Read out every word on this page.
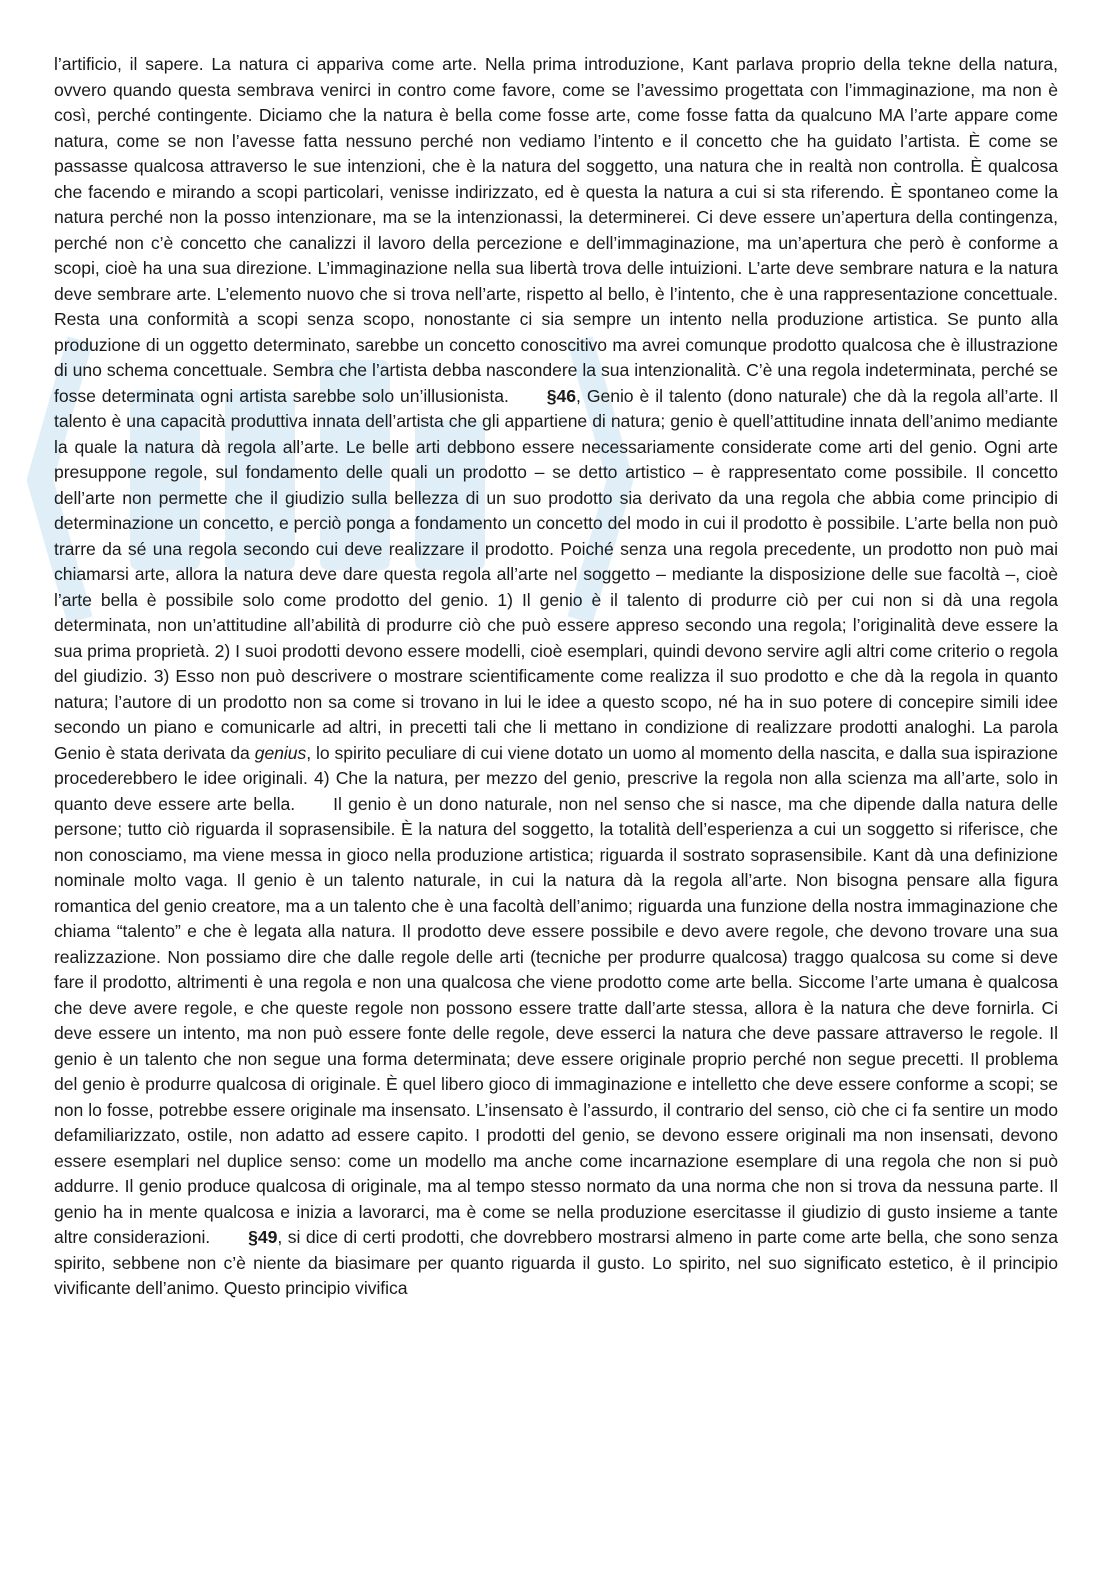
l’artificio, il sapere. La natura ci appariva come arte. Nella prima introduzione, Kant parlava proprio della tekne della natura, ovvero quando questa sembrava venirci in contro come favore, come se l’avessimo progettata con l’immaginazione, ma non è così, perché contingente. Diciamo che la natura è bella come fosse arte, come fosse fatta da qualcuno MA l’arte appare come natura, come se non l’avesse fatta nessuno perché non vediamo l’intento e il concetto che ha guidato l’artista. È come se passasse qualcosa attraverso le sue intenzioni, che è la natura del soggetto, una natura che in realtà non controlla. È qualcosa che facendo e mirando a scopi particolari, venisse indirizzato, ed è questa la natura a cui si sta riferendo. È spontaneo come la natura perché non la posso intenzionare, ma se la intenzionassi, la determinerei. Ci deve essere un’apertura della contingenza, perché non c’è concetto che canalizzi il lavoro della percezione e dell’immaginazione, ma un’apertura che però è conforme a scopi, cioè ha una sua direzione. L’immaginazione nella sua libertà trova delle intuizioni. L’arte deve sembrare natura e la natura deve sembrare arte. L’elemento nuovo che si trova nell’arte, rispetto al bello, è l’intento, che è una rappresentazione concettuale. Resta una conformità a scopi senza scopo, nonostante ci sia sempre un intento nella produzione artistica. Se punto alla produzione di un oggetto determinato, sarebbe un concetto conoscitivo ma avrei comunque prodotto qualcosa che è illustrazione di uno schema concettuale. Sembra che l’artista debba nascondere la sua intenzionalità. C’è una regola indeterminata, perché se fosse determinata ogni artista sarebbe solo un’illusionista. §46, Genio è il talento (dono naturale) che dà la regola all’arte. Il talento è una capacità produttiva innata dell’artista che gli appartiene di natura; genio è quell’attitudine innata dell’animo mediante la quale la natura dà regola all’arte. Le belle arti debbono essere necessariamente considerate come arti del genio. Ogni arte presuppone regole, sul fondamento delle quali un prodotto – se detto artistico – è rappresentato come possibile. Il concetto dell’arte non permette che il giudizio sulla bellezza di un suo prodotto sia derivato da una regola che abbia come principio di determinazione un concetto, e perciò ponga a fondamento un concetto del modo in cui il prodotto è possibile. L’arte bella non può trarre da sé una regola secondo cui deve realizzare il prodotto. Poiché senza una regola precedente, un prodotto non può mai chiamarsi arte, allora la natura deve dare questa regola all’arte nel soggetto – mediante la disposizione delle sue facoltà –, cioè l’arte bella è possibile solo come prodotto del genio. 1) Il genio è il talento di produrre ciò per cui non si dà una regola determinata, non un’attitudine all’abilità di produrre ciò che può essere appreso secondo una regola; l’originalità deve essere la sua prima proprietà. 2) I suoi prodotti devono essere modelli, cioè esemplari, quindi devono servire agli altri come criterio o regola del giudizio. 3) Esso non può descrivere o mostrare scientificamente come realizza il suo prodotto e che dà la regola in quanto natura; l’autore di un prodotto non sa come si trovano in lui le idee a questo scopo, né ha in suo potere di concepire simili idee secondo un piano e comunicarle ad altri, in precetti tali che li mettano in condizione di realizzare prodotti analoghi. La parola Genio è stata derivata da genius, lo spirito peculiare di cui viene dotato un uomo al momento della nascita, e dalla sua ispirazione procederebbero le idee originali. 4) Che la natura, per mezzo del genio, prescrive la regola non alla scienza ma all’arte, solo in quanto deve essere arte bella. Il genio è un dono naturale, non nel senso che si nasce, ma che dipende dalla natura delle persone; tutto ciò riguarda il soprasensibile. È la natura del soggetto, la totalità dell’esperienza a cui un soggetto si riferisce, che non conosciamo, ma viene messa in gioco nella produzione artistica; riguarda il sostrato soprasensibile. Kant dà una definizione nominale molto vaga. Il genio è un talento naturale, in cui la natura dà la regola all’arte. Non bisogna pensare alla figura romantica del genio creatore, ma a un talento che è una facoltà dell’animo; riguarda una funzione della nostra immaginazione che chiama “talento” e che è legata alla natura. Il prodotto deve essere possibile e devo avere regole, che devono trovare una sua realizzazione. Non possiamo dire che dalle regole delle arti (tecniche per produrre qualcosa) traggo qualcosa su come si deve fare il prodotto, altrimenti è una regola e non una qualcosa che viene prodotto come arte bella. Siccome l’arte umana è qualcosa che deve avere regole, e che queste regole non possono essere tratte dall’arte stessa, allora è la natura che deve fornirla. Ci deve essere un intento, ma non può essere fonte delle regole, deve esserci la natura che deve passare attraverso le regole. Il genio è un talento che non segue una forma determinata; deve essere originale proprio perché non segue precetti. Il problema del genio è produrre qualcosa di originale. È quel libero gioco di immaginazione e intelletto che deve essere conforme a scopi; se non lo fosse, potrebbe essere originale ma insensato. L’insensato è l’assurdo, il contrario del senso, ciò che ci fa sentire un modo defamiliarizzato, ostile, non adatto ad essere capito. I prodotti del genio, se devono essere originali ma non insensati, devono essere esemplari nel duplice senso: come un modello ma anche come incarnazione esemplare di una regola che non si può addurre. Il genio produce qualcosa di originale, ma al tempo stesso normato da una norma che non si trova da nessuna parte. Il genio ha in mente qualcosa e inizia a lavorarci, ma è come se nella produzione esercitasse il giudizio di gusto insieme a tante altre considerazioni. §49, si dice di certi prodotti, che dovrebbero mostrarsi almeno in parte come arte bella, che sono senza spirito, sebbene non c’è niente da biasimare per quanto riguarda il gusto. Lo spirito, nel suo significato estetico, è il principio vivificante dell’animo. Questo principio vivifica
